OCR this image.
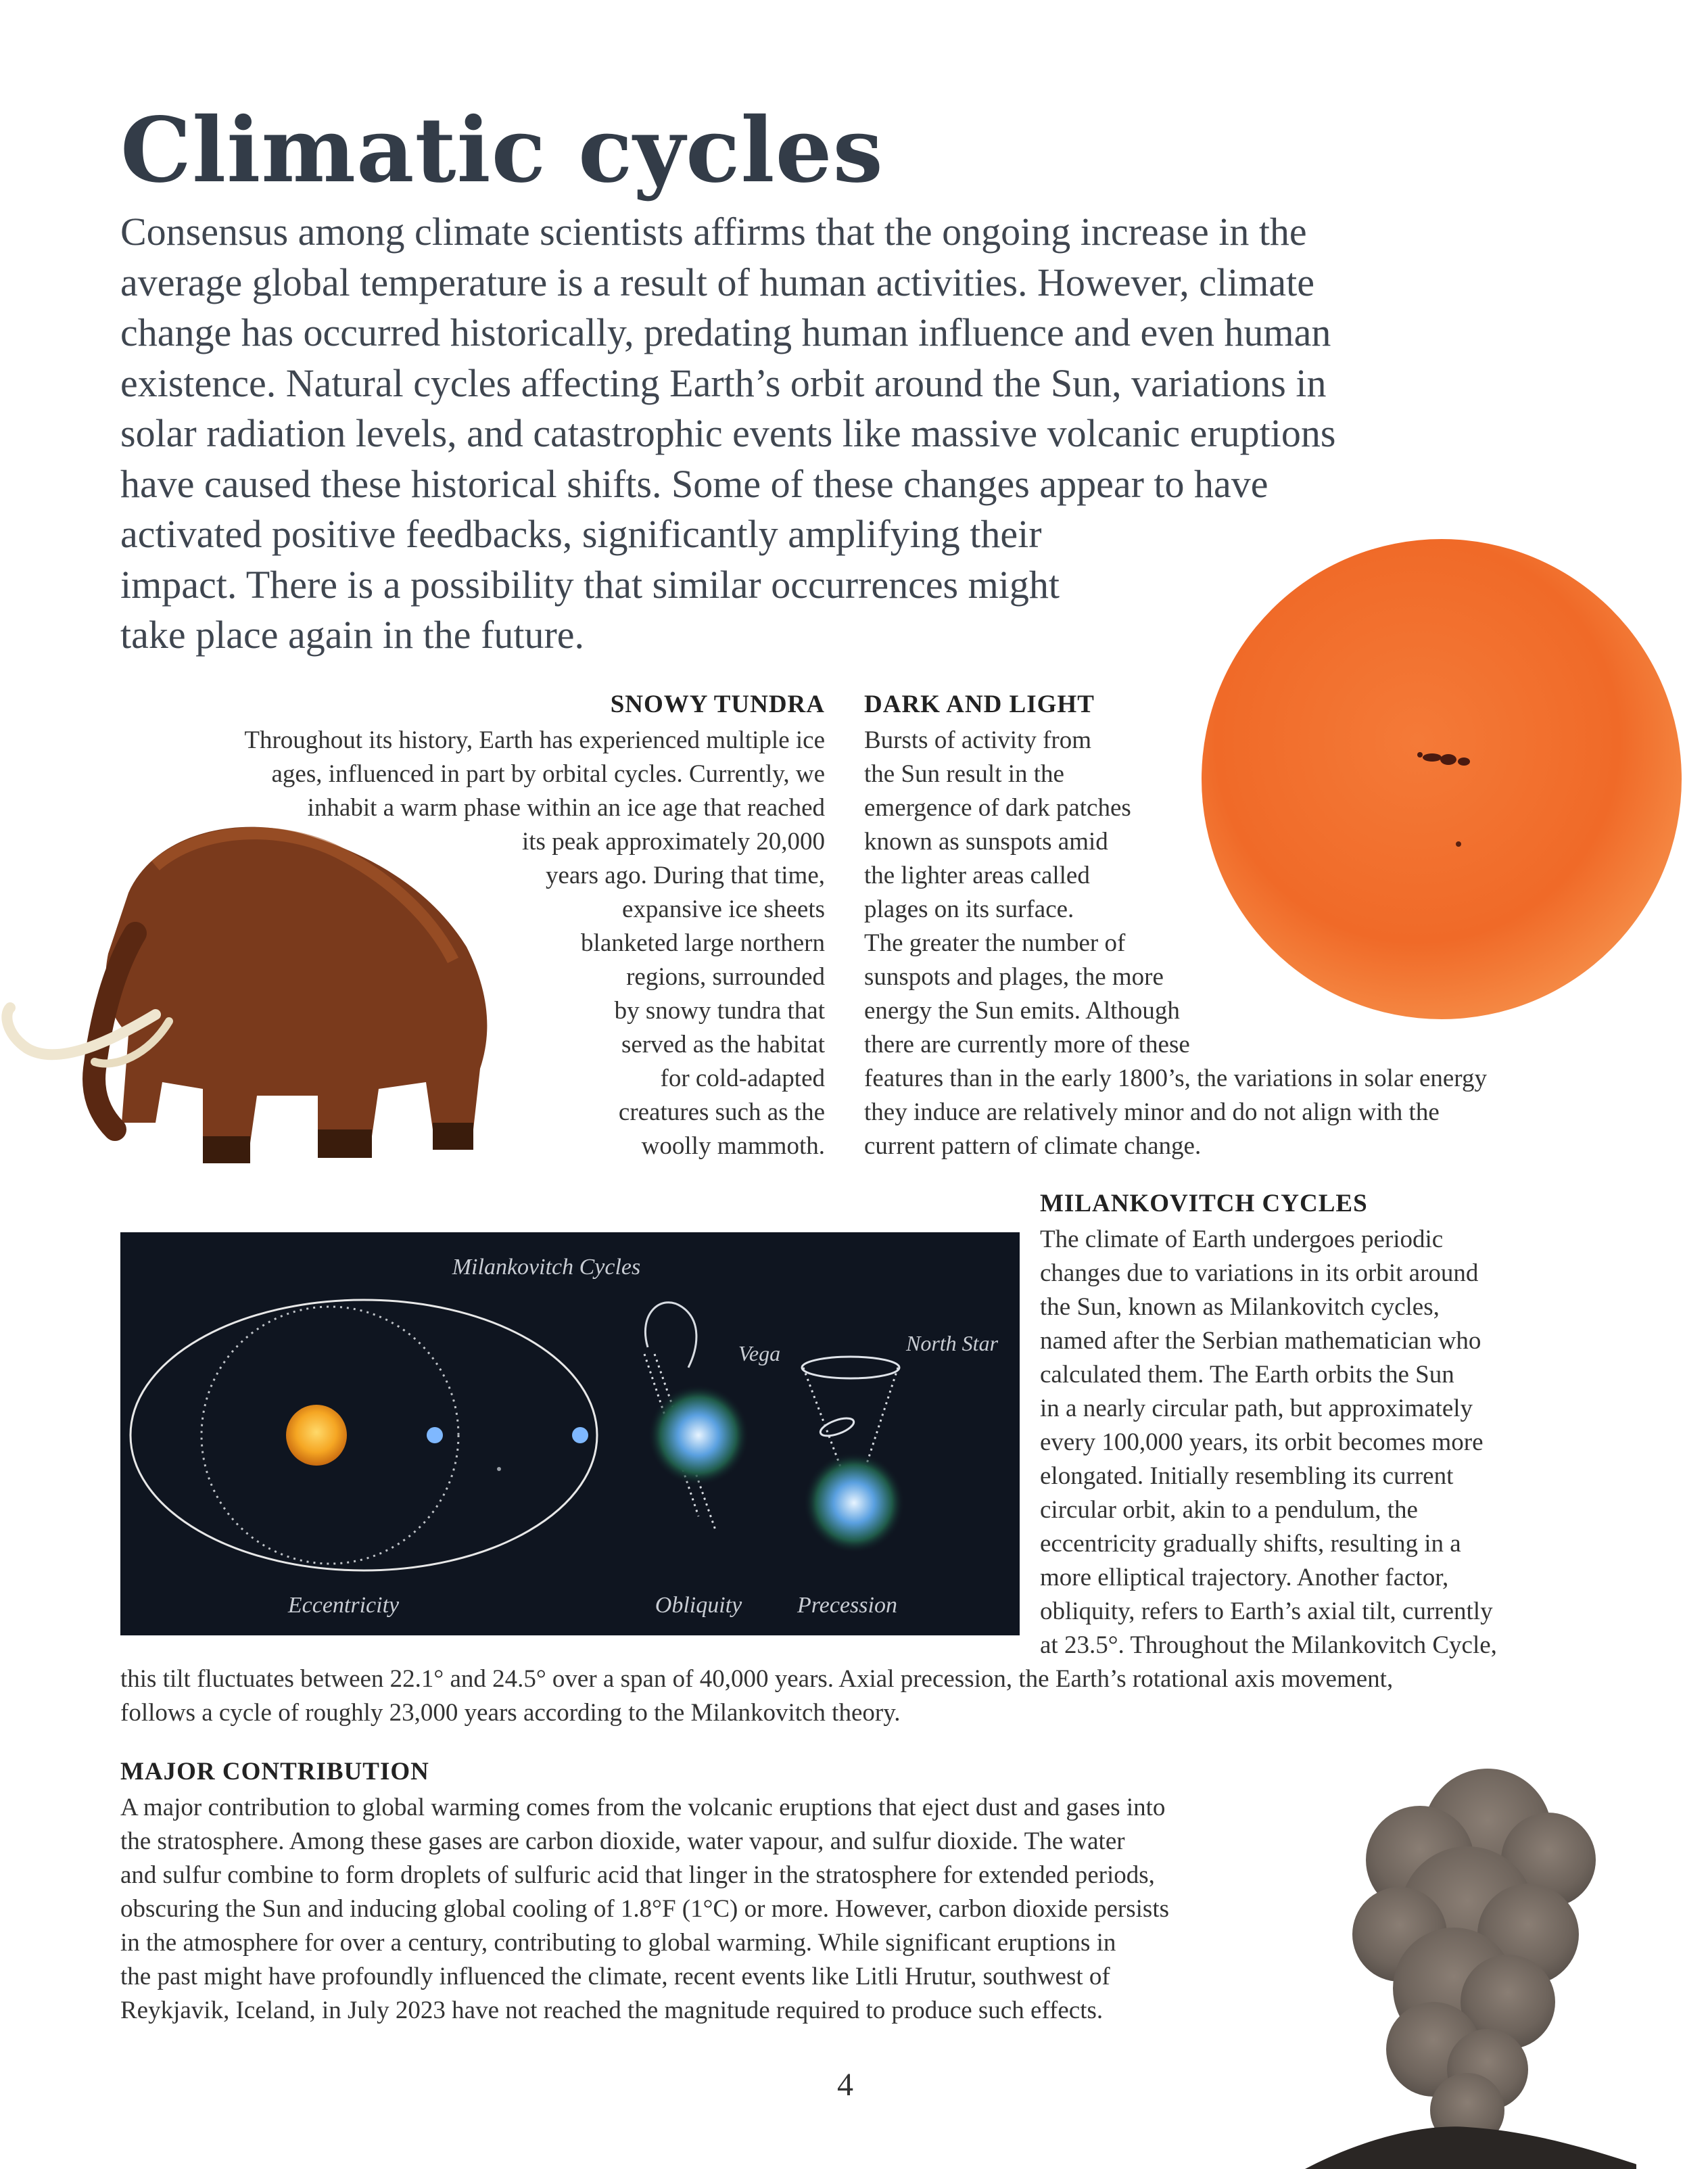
Climatic cycles

Consensus among climate scientists affirms that the ongoing increase in the
average global temperature is a result of human activities. However, climate
change has occurred historically, predating human influence and even human
existence. Natural cycles affecting Earth’s orbit around the Sun, variations in
solar radiation levels, and catastrophic events like massive volcanic eruptions
have caused these historical shifts. Some of these changes appear to have
activated positive feedbacks, significantly amplifying their
impact. There is a possibility that similar occurrences might
take place again in the future.

SNOWY TUNDRA
Throughout its history, Earth has experienced multiple ice
ages, influenced in part by orbital cycles. Currently, we
inhabit a warm phase within an ice age that reached
its peak approximately 20,000
years ago. During that time,
expansive ice sheets
blanketed large northern
regions, surrounded
by snowy tundra that
served as the habitat
for cold-adapted
creatures such as the
woolly mammoth.
DARK AND LIGHT
Bursts of activity from
the Sun result in the
emergence of dark patches
known as sunspots amid
the lighter areas called
plages on its surface.
The greater the number of
sunspots and plages, the more
energy the Sun emits. Although
there are currently more of these
features than in the early 1800’s, the variations in solar energy
they induce are relatively minor and do not align with the
current pattern of climate change.
Milankovitch Cycles
Eccentricity	Obliquity
Vega	North Star
Precession
MILANKOVITCH CYCLES
The climate of Earth undergoes periodic
changes due to variations in its orbit around
the Sun, known as Milankovitch cycles,
named after the Serbian mathematician who
calculated them. The Earth orbits the Sun
in a nearly circular path, but approximately
every 100,000 years, its orbit becomes more
elongated. Initially resembling its current
circular orbit, akin to a pendulum, the
eccentricity gradually shifts, resulting in a
more elliptical trajectory. Another factor,
obliquity, refers to Earth’s axial tilt, currently
at 23.5°. Throughout the Milankovitch Cycle,
this tilt fluctuates between 22.1° and 24.5° over a span of 40,000 years. Axial precession, the Earth’s rotational axis movement,
follows a cycle of roughly 23,000 years according to the Milankovitch theory.
MAJOR CONTRIBUTION
A major contribution to global warming comes from the volcanic eruptions that eject dust and gases into
the stratosphere. Among these gases are carbon dioxide, water vapour, and sulfur dioxide. The water
and sulfur combine to form droplets of sulfuric acid that linger in the stratosphere for extended periods,
obscuring the Sun and inducing global cooling of 1.8°F (1°C) or more. However, carbon dioxide persists
in the atmosphere for over a century, contributing to global warming. While significant eruptions in
the past might have profoundly influenced the climate, recent events like Litli Hrutur, southwest of
Reykjavik, Iceland, in July 2023 have not reached the magnitude required to produce such effects.
4
